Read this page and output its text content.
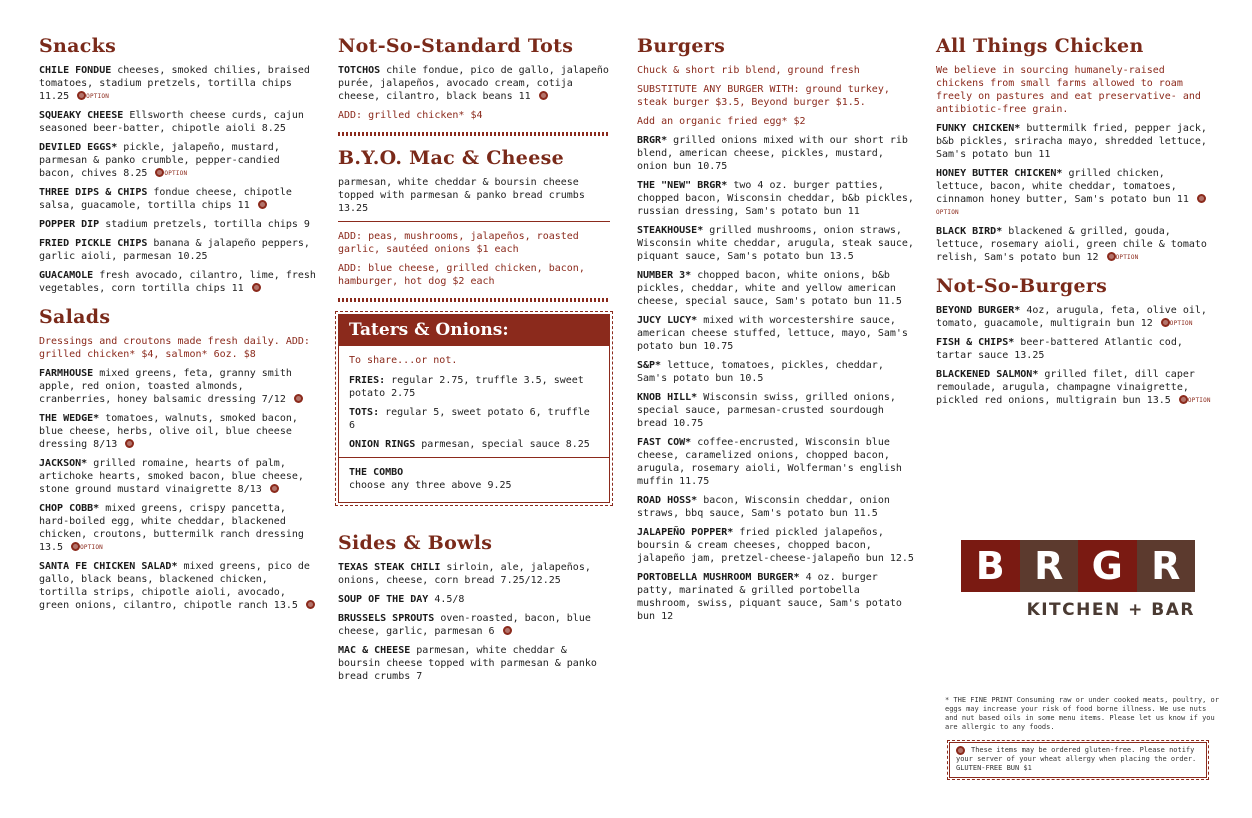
Snacks
CHILE FONDUE cheeses, smoked chilies, braised tomatoes, stadium pretzels, tortilla chips 11.25	OPTION
SQUEAKY CHEESE Ellsworth cheese curds, cajun seasoned beer-batter, chipotle aioli 8.25
DEVILED EGGS* pickle, jalapeño, mustard, parmesan & panko crumble, pepper-candied bacon, chives 8.25	OPTION
THREE DIPS & CHIPS fondue cheese, chipotle salsa, guacamole, tortilla chips 11
POPPER DIP stadium pretzels, tortilla chips 9
FRIED PICKLE CHIPS banana & jalapeño peppers, garlic aioli, parmesan 10.25
GUACAMOLE fresh avocado, cilantro, lime, fresh vegetables, corn tortilla chips 11
Salads
Dressings and croutons made fresh daily. ADD: grilled chicken* $4, salmon* 6oz. $8
FARMHOUSE mixed greens, feta, granny smith apple, red onion, toasted almonds, cranberries, honey balsamic dressing 7/12
THE WEDGE* tomatoes, walnuts, smoked bacon, blue cheese, herbs, olive oil, blue cheese dressing 8/13
JACKSON* grilled romaine, hearts of palm, artichoke hearts, smoked bacon, blue cheese, stone ground mustard vinaigrette 8/13
CHOP COBB* mixed greens, crispy pancetta, hard-boiled egg, white cheddar, blackened chicken, croutons, buttermilk ranch dressing 13.5	OPTION
SANTA FE CHICKEN SALAD* mixed greens, pico de gallo, black beans, blackened chicken, tortilla strips, chipotle aioli, avocado, green onions, cilantro, chipotle ranch 13.5
Not-So-Standard Tots
TOTCHOS chile fondue, pico de gallo, jalapeño purée, jalapeños, avocado cream, cotija cheese, cilantro, black beans 11
ADD: grilled chicken* $4
B.Y.O. Mac & Cheese
parmesan, white cheddar & boursin cheese topped with parmesan & panko bread crumbs 13.25
ADD: peas, mushrooms, jalapeños, roasted garlic, sautéed onions $1 each
ADD: blue cheese, grilled chicken, bacon, hamburger, hot dog $2 each
Taters & Onions:
To share...or not.
FRIES: regular 2.75, truffle 3.5, sweet potato 2.75
TOTS: regular 5, sweet potato 6, truffle 6
ONION RINGS parmesan, special sauce 8.25
THE COMBO
choose any three above 9.25
Sides & Bowls
TEXAS STEAK CHILI sirloin, ale, jalapeños, onions, cheese, corn bread 7.25/12.25
SOUP OF THE DAY 4.5/8
BRUSSELS SPROUTS oven-roasted, bacon, blue cheese, garlic, parmesan 6
MAC & CHEESE parmesan, white cheddar & boursin cheese topped with parmesan & panko bread crumbs 7
Burgers
Chuck & short rib blend, ground fresh
SUBSTITUTE ANY BURGER WITH: ground turkey, steak burger $3.5, Beyond burger $1.5.
Add an organic fried egg* $2
BRGR* grilled onions mixed with our short rib blend, american cheese, pickles, mustard, onion bun 10.75
THE "NEW" BRGR* two 4 oz. burger patties, chopped bacon, Wisconsin cheddar, b&b pickles, russian dressing, Sam's potato bun 11
STEAKHOUSE* grilled mushrooms, onion straws, Wisconsin white cheddar, arugula, steak sauce, piquant sauce, Sam's potato bun 13.5
NUMBER 3* chopped bacon, white onions, b&b pickles, cheddar, white and yellow american cheese, special sauce, Sam's potato bun 11.5
JUCY LUCY* mixed with worcestershire sauce, american cheese stuffed, lettuce, mayo, Sam's potato bun 10.75
S&P* lettuce, tomatoes, pickles, cheddar, Sam's potato bun 10.5
KNOB HILL* Wisconsin swiss, grilled onions, special sauce, parmesan-crusted sourdough bread 10.75
FAST COW* coffee-encrusted, Wisconsin blue cheese, caramelized onions, chopped bacon, arugula, rosemary aioli, Wolferman's english muffin 11.75
ROAD HOSS* bacon, Wisconsin cheddar, onion straws, bbq sauce, Sam's potato bun 11.5
JALAPEÑO POPPER* fried pickled jalapeños, boursin & cream cheeses, chopped bacon, jalapeño jam, pretzel-cheese-jalapeño bun 12.5
PORTOBELLA MUSHROOM BURGER* 4 oz. burger patty, marinated & grilled portobella mushroom, swiss, piquant sauce, Sam's potato bun 12
All Things Chicken
We believe in sourcing humanely-raised chickens from small farms allowed to roam freely on pastures and eat preservative- and antibiotic-free grain.
FUNKY CHICKEN* buttermilk fried, pepper jack, b&b pickles, sriracha mayo, shredded lettuce, Sam's potato bun 11
HONEY BUTTER CHICKEN* grilled chicken, lettuce, bacon, white cheddar, tomatoes, cinnamon honey butter, Sam's potato bun 11 OPTION
BLACK BIRD* blackened & grilled, gouda, lettuce, rosemary aioli, green chile & tomato relish, Sam's potato bun 12	OPTION
Not-So-Burgers
BEYOND BURGER* 4oz, arugula, feta, olive oil, tomato, guacamole, multigrain bun 12	OPTION
FISH & CHIPS* beer-battered Atlantic cod, tartar sauce 13.25
BLACKENED SALMON* grilled filet, dill caper remoulade, arugula, champagne vinaigrette, pickled red onions, multigrain bun 13.5	OPTION
B R G R
KITCHEN + BAR
* THE FINE PRINT Consuming raw or under cooked meats, poultry, or eggs may increase your risk of food borne illness. We use nuts and nut based oils in some menu items. Please let us know if you are allergic to any foods.
These items may be ordered gluten-free. Please notify your server of your wheat allergy when placing the order. GLUTEN-FREE BUN $1
